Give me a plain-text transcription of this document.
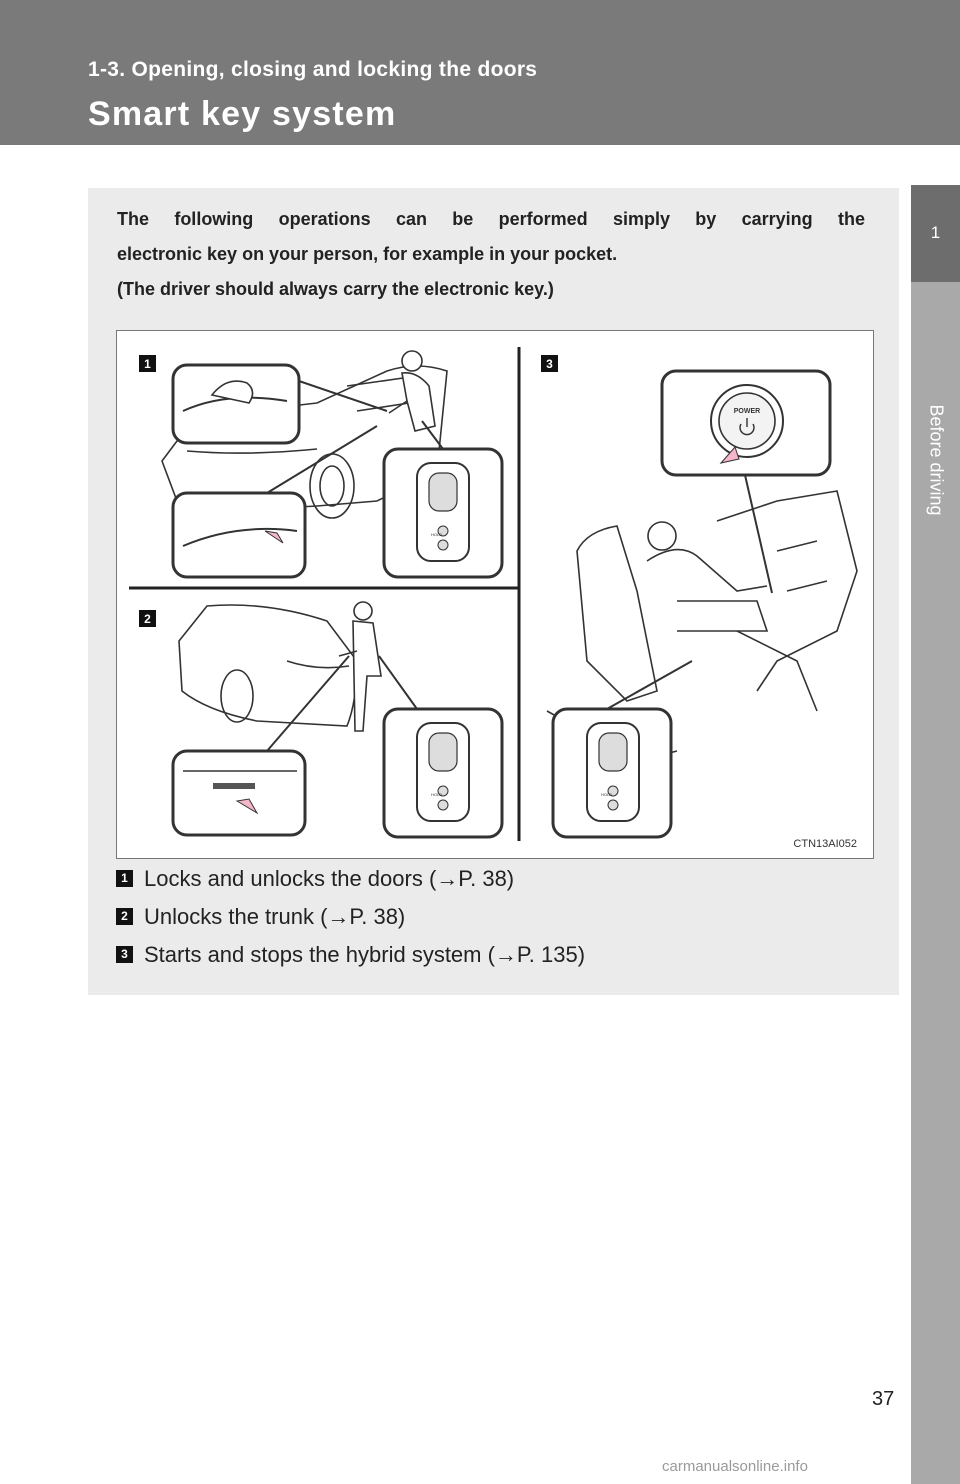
1-3. Opening, closing and locking the doors
Smart key system
1
Before driving

The following operations can be performed simply by carrying the

electronic key on your person, for example in your pocket.

(The driver should always carry the electronic key.)

1
2
3
HOLD
HOLD
POWER
HOLD
CTN13AI052
1 Locks and unlocks the doors (→P. 38)
2 Unlocks the trunk (→P. 38)
3 Starts and stops the hybrid system (→P. 135)
37
carmanualsonline.info
